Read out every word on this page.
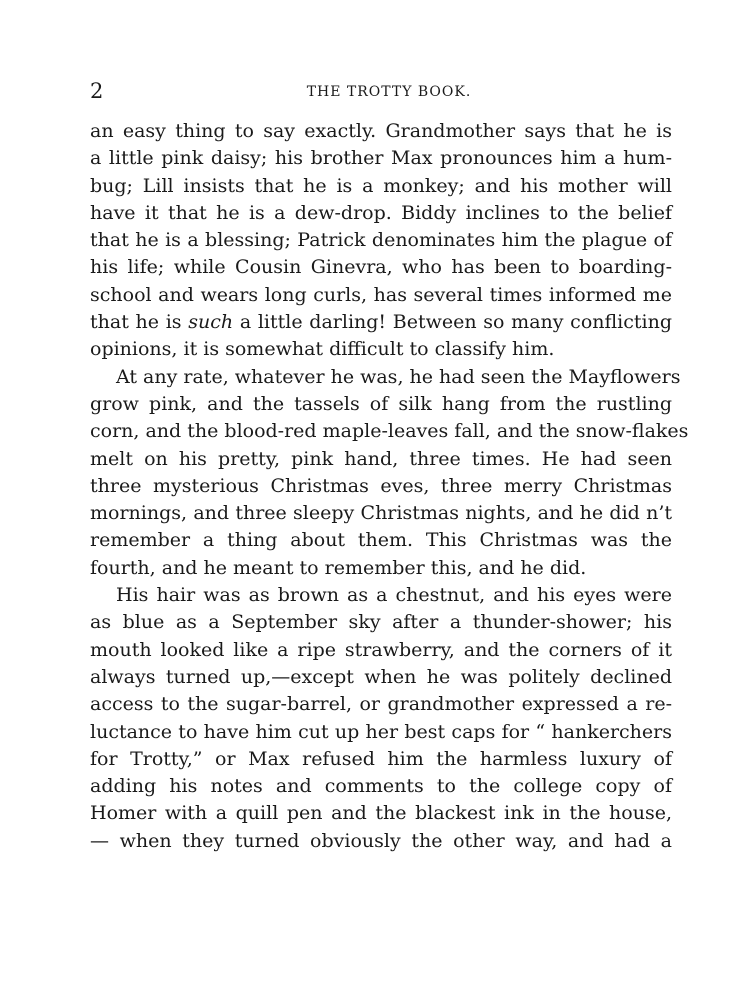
2	THE TROTTY BOOK.
an easy thing to say exactly. Grandmother says that he is
a little pink daisy; his brother Max pronounces him a hum-
bug; Lill insists that he is a monkey; and his mother will
have it that he is a dew-drop. Biddy inclines to the belief
that he is a blessing; Patrick denominates him the plague of
his life; while Cousin Ginevra, who has been to boarding-
school and wears long curls, has several times informed me
that he is such a little darling! Between so many conflicting
opinions, it is somewhat difficult to classify him.
At any rate, whatever he was, he had seen the Mayflowers
grow pink, and the tassels of silk hang from the rustling
corn, and the blood-red maple-leaves fall, and the snow-flakes
melt on his pretty, pink hand, three times. He had seen
three mysterious Christmas eves, three merry Christmas
mornings, and three sleepy Christmas nights, and he did n’t
remember a thing about them. This Christmas was the
fourth, and he meant to remember this, and he did.
His hair was as brown as a chestnut, and his eyes were
as blue as a September sky after a thunder-shower; his
mouth looked like a ripe strawberry, and the corners of it
always turned up,—except when he was politely declined
access to the sugar-barrel, or grandmother expressed a re-
luctance to have him cut up her best caps for “ hankerchers
for Trotty,” or Max refused him the harmless luxury of
adding his notes and comments to the college copy of
Homer with a quill pen and the blackest ink in the house,
— when they turned obviously the other way, and had a
